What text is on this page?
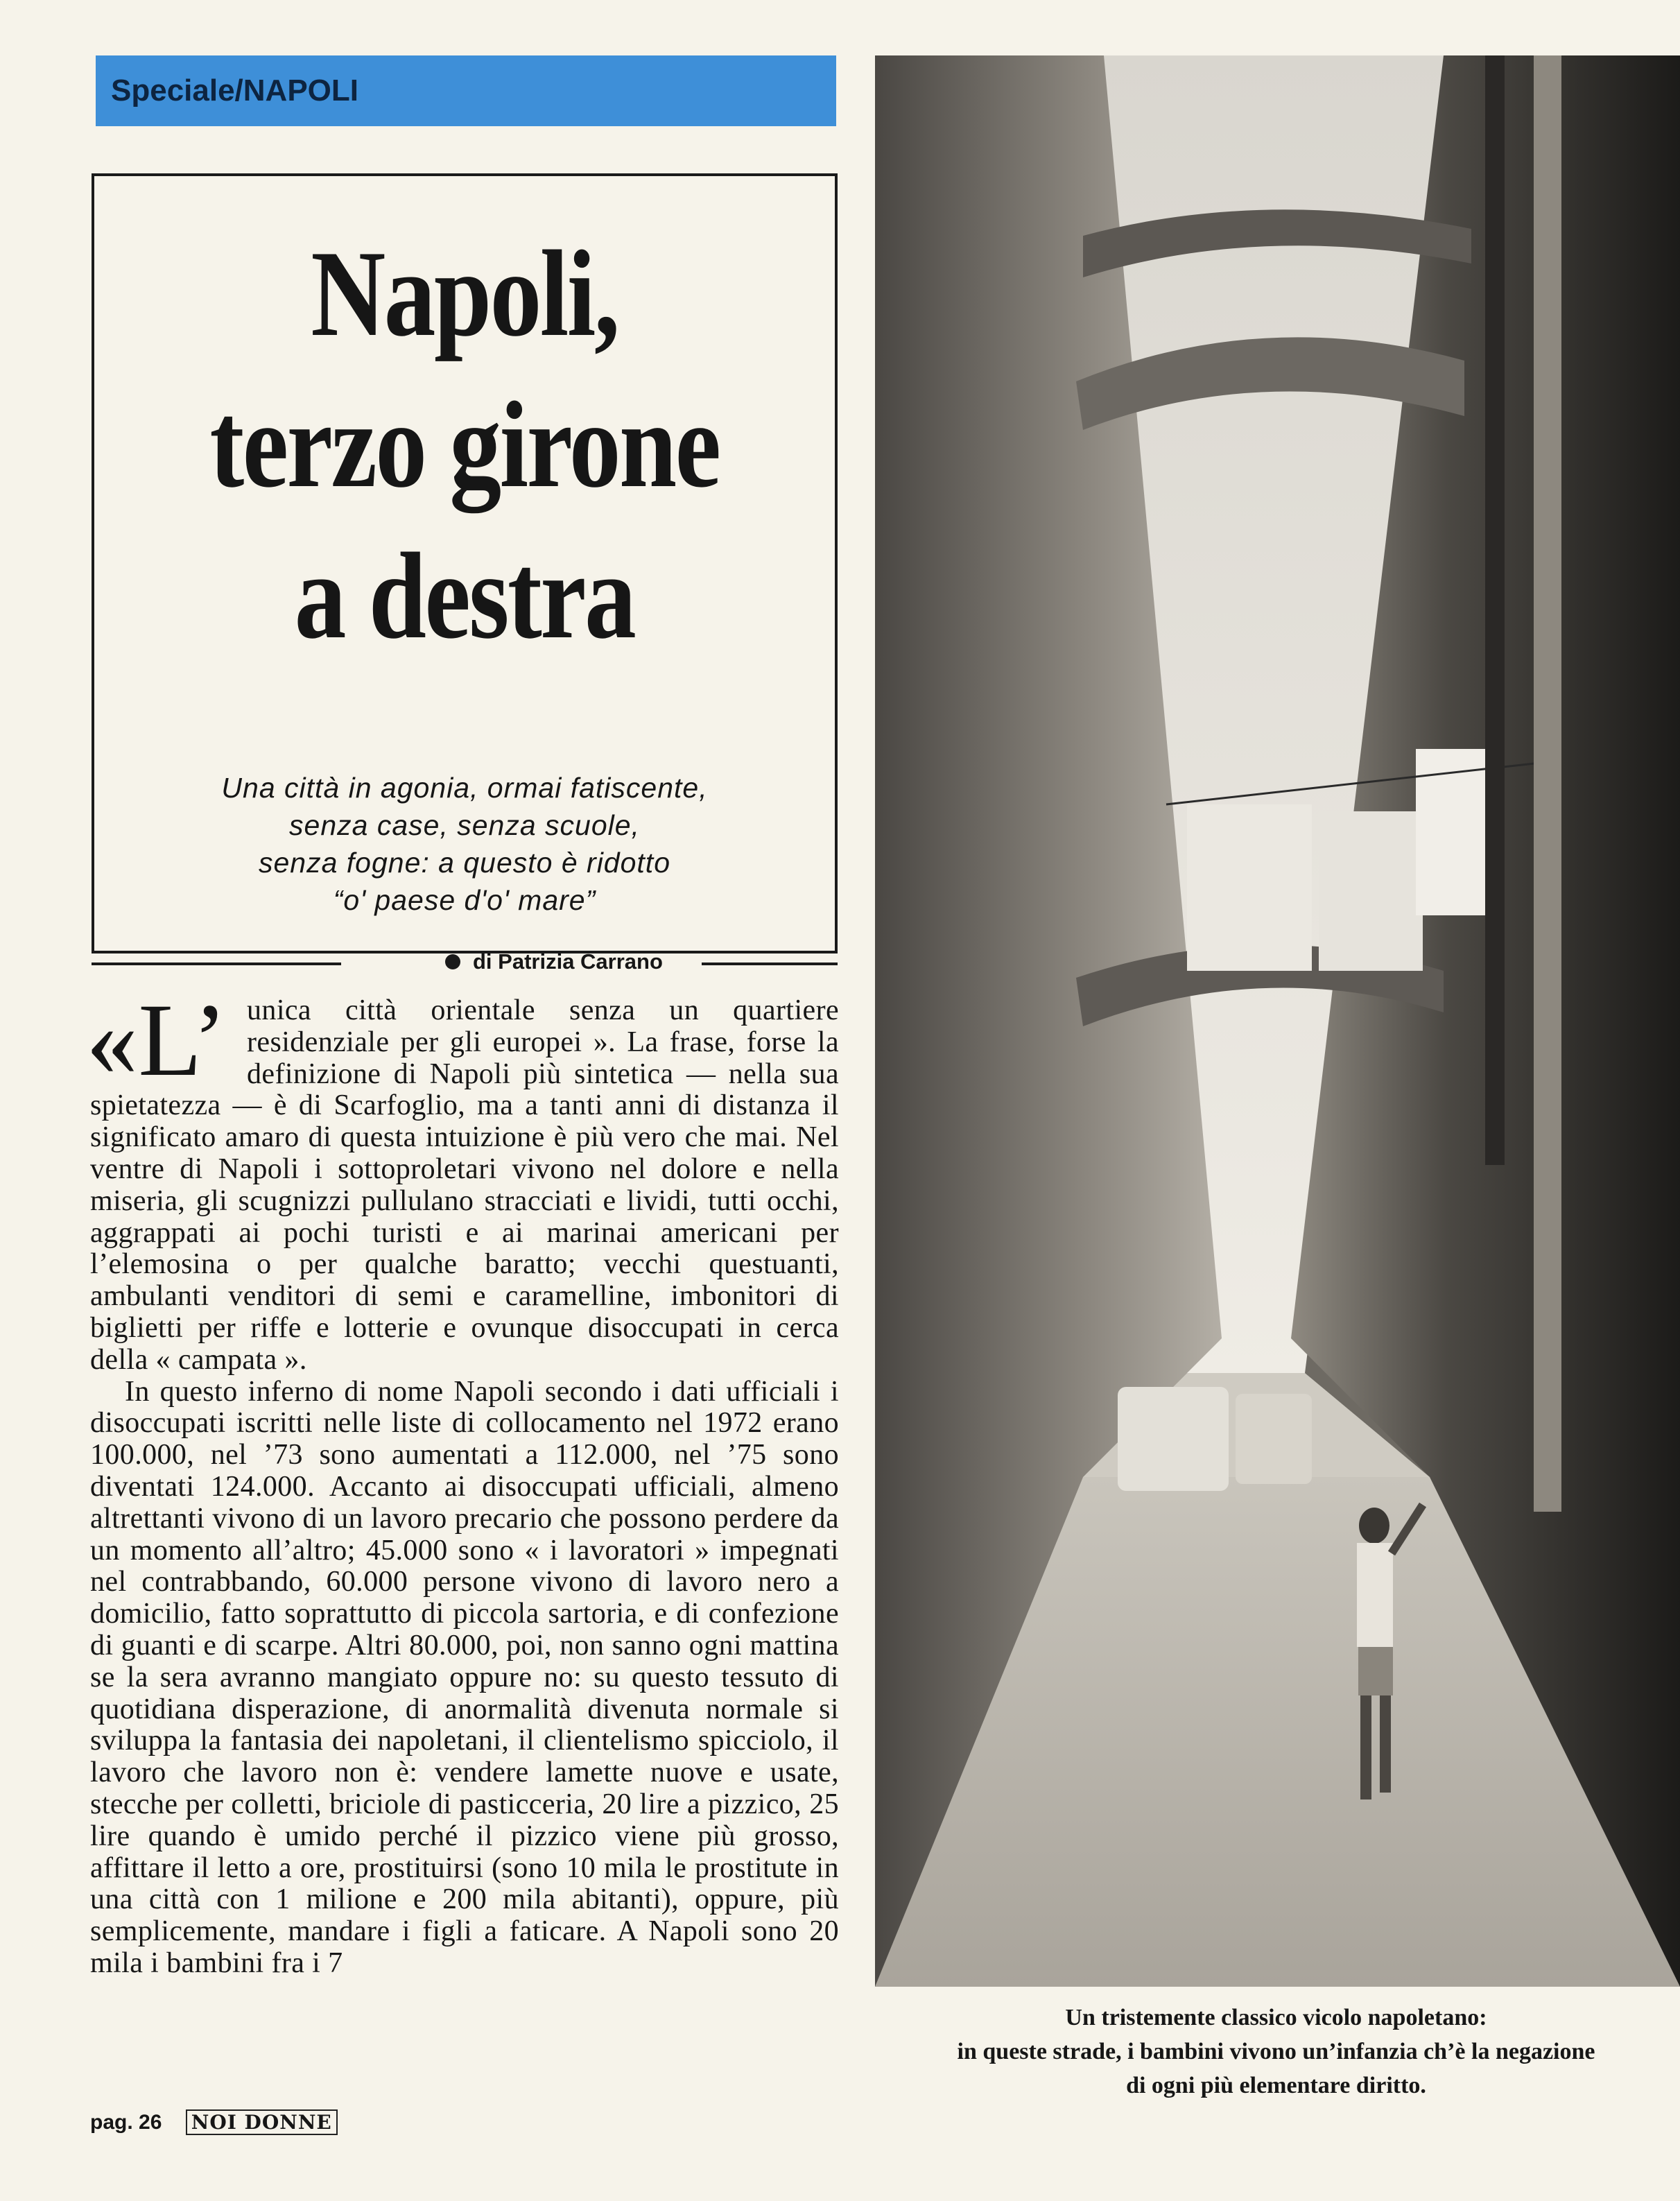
Speciale/NAPOLI
Napoli,
terzo girone
a destra
Una città in agonia, ormai fatiscente,
senza case, senza scuole,
senza fogne: a questo è ridotto
“o' paese d'o' mare”
di Patrizia Carrano

«L’ unica città orientale senza un quartiere residenziale per gli europei ». La frase, forse la definizione di Napoli più sintetica — nella sua spietatezza — è di Scarfoglio, ma a tanti anni di distanza il significato amaro di questa intuizione è più vero che mai. Nel ventre di Napoli i sottoproletari vivono nel dolore e nella miseria, gli scugnizzi pullulano stracciati e lividi, tutti occhi, aggrappati ai pochi turisti e ai marinai americani per l’elemosina o per qualche baratto; vecchi questuanti, ambulanti venditori di semi e caramelline, imbonitori di biglietti per riffe e lotterie e ovunque disoccupati in cerca della « campata ».

In questo inferno di nome Napoli secondo i dati ufficiali i disoccupati iscritti nelle liste di collocamento nel 1972 erano 100.000, nel ’73 sono aumentati a 112.000, nel ’75 sono diventati 124.000. Accanto ai disoccupati ufficiali, almeno altrettanti vivono di un lavoro precario che possono perdere da un momento all’altro; 45.000 sono « i lavoratori » impegnati nel contrabbando, 60.000 persone vivono di lavoro nero a domicilio, fatto soprattutto di piccola sartoria, e di confezione di guanti e di scarpe. Altri 80.000, poi, non sanno ogni mattina se la sera avranno mangiato oppure no: su questo tessuto di quotidiana disperazione, di anormalità divenuta normale si sviluppa la fantasia dei napoletani, il clientelismo spicciolo, il lavoro che lavoro non è: vendere lamette nuove e usate, stecche per colletti, briciole di pasticceria, 20 lire a pizzico, 25 lire quando è umido perché il pizzico viene più grosso, affittare il letto a ore, prostituirsi (sono 10 mila le prostitute in una città con 1 milione e 200 mila abitanti), oppure, più semplicemente, mandare i figli a faticare. A Napoli sono 20 mila i bambini fra i 7

pag. 26 NOI DONNE
Un tristemente classico vicolo napoletano:
in queste strade, i bambini vivono un’infanzia ch’è la negazione
di ogni più elementare diritto.
